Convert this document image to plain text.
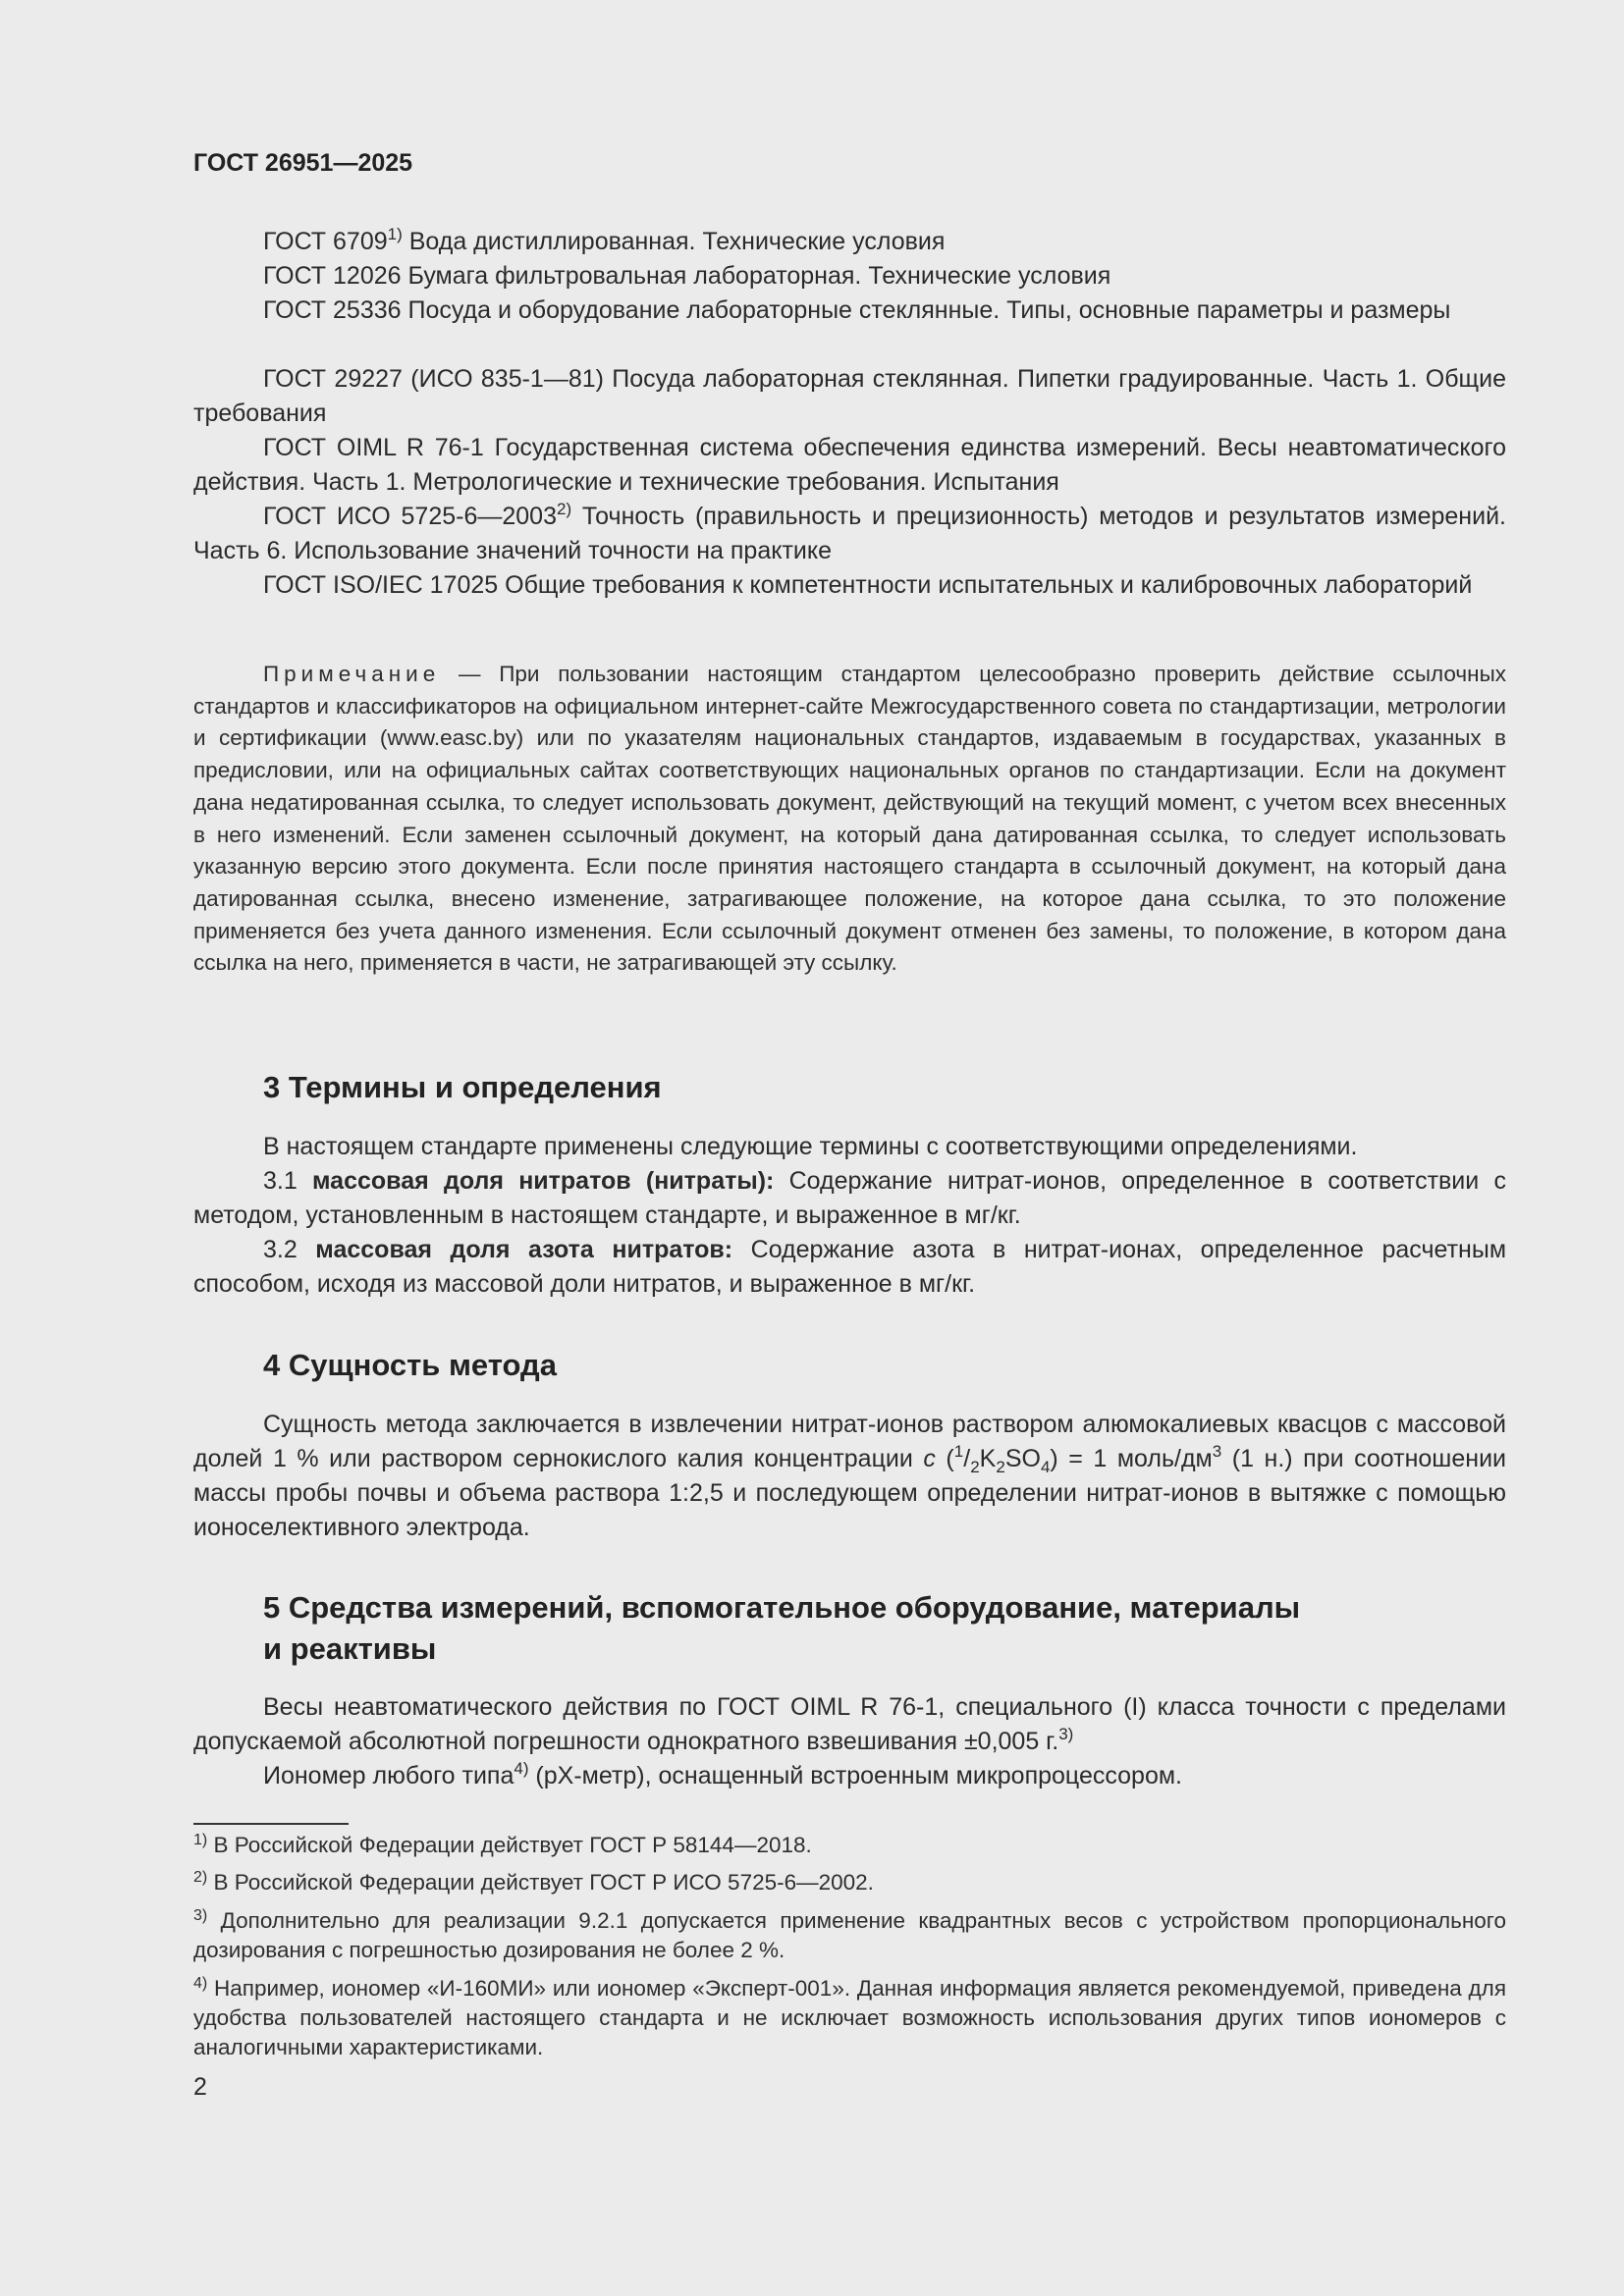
ГОСТ 26951—2025
ГОСТ 6709$^{1)}$ Вода дистиллированная. Технические условия
ГОСТ 12026 Бумага фильтровальная лабораторная. Технические условия
ГОСТ 25336 Посуда и оборудование лабораторные стеклянные. Типы, основные параметры и размеры
ГОСТ 29227 (ИСО 835-1—81) Посуда лабораторная стеклянная. Пипетки градуированные. Часть 1. Общие требования
ГОСТ OIML R 76-1 Государственная система обеспечения единства измерений. Весы неавтоматического действия. Часть 1. Метрологические и технические требования. Испытания
ГОСТ ИСО 5725-6—2003$^{2)}$ Точность (правильность и прецизионность) методов и результатов измерений. Часть 6. Использование значений точности на практике
ГОСТ ISO/IEC 17025 Общие требования к компетентности испытательных и калибровочных лабораторий
Примечание — При пользовании настоящим стандартом целесообразно проверить действие ссылочных стандартов и классификаторов на официальном интернет-сайте Межгосударственного совета по стандартизации, метрологии и сертификации (www.easc.by) или по указателям национальных стандартов, издаваемым в государствах, указанных в предисловии, или на официальных сайтах соответствующих национальных органов по стандартизации. Если на документ дана недатированная ссылка, то следует использовать документ, действующий на текущий момент, с учетом всех внесенных в него изменений. Если заменен ссылочный документ, на который дана датированная ссылка, то следует использовать указанную версию этого документа. Если после принятия настоящего стандарта в ссылочный документ, на который дана датированная ссылка, внесено изменение, затрагивающее положение, на которое дана ссылка, то это положение применяется без учета данного изменения. Если ссылочный документ отменен без замены, то положение, в котором дана ссылка на него, применяется в части, не затрагивающей эту ссылку.
3 Термины и определения
В настоящем стандарте применены следующие термины с соответствующими определениями.
3.1 массовая доля нитратов (нитраты): Содержание нитрат-ионов, определенное в соответствии с методом, установленным в настоящем стандарте, и выраженное в мг/кг.
3.2 массовая доля азота нитратов: Содержание азота в нитрат-ионах, определенное расчетным способом, исходя из массовой доли нитратов, и выраженное в мг/кг.
4 Сущность метода
Сущность метода заключается в извлечении нитрат-ионов раствором алюмокалиевых квасцов с массовой долей 1 % или раствором сернокислого калия концентрации c $(^1/_2K_2SO_4) = 1$ моль/$дм^3$ (1 н.) при соотношении массы пробы почвы и объема раствора 1:2,5 и последующем определении нитрат-ионов в вытяжке с помощью ионоселективного электрода.
5 Средства измерений, вспомогательное оборудование, материалы
и реактивы
Весы неавтоматического действия по ГОСТ OIML R 76-1, специального (I) класса точности с пределами допускаемой абсолютной погрешности однократного взвешивания ±0,005 г.$^{3)}$
Иономер любого типа$^{4)}$ (pX-метр), оснащенный встроенным микропроцессором.
$^{1)}$ В Российской Федерации действует ГОСТ Р 58144—2018.
$^{2)}$ В Российской Федерации действует ГОСТ Р ИСО 5725-6—2002.
$^{3)}$ Дополнительно для реализации 9.2.1 допускается применение квадрантных весов с устройством пропорционального дозирования с погрешностью дозирования не более 2 %.
$^{4)}$ Например, иономер «И-160МИ» или иономер «Эксперт-001». Данная информация является рекомендуемой, приведена для удобства пользователей настоящего стандарта и не исключает возможность использования других типов иономеров с аналогичными характеристиками.
2
